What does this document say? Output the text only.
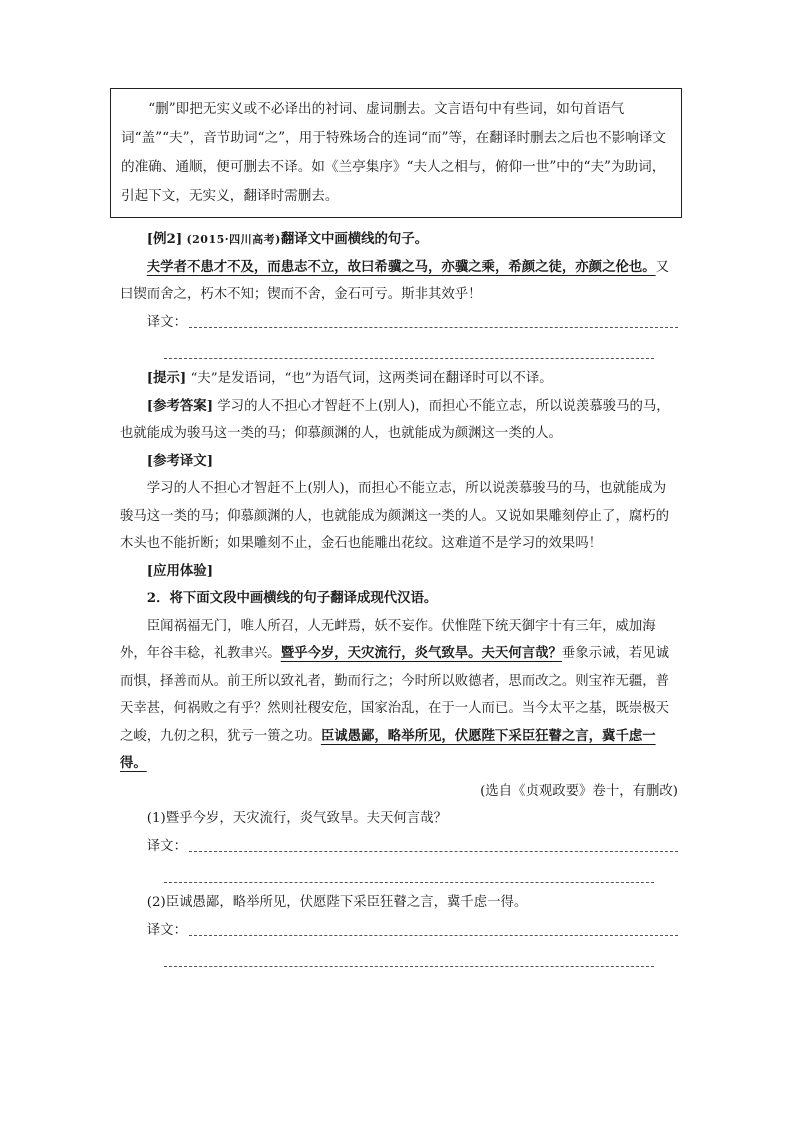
“删”即把无实义或不必译出的衬词、虚词删去。文言语句中有些词，如句首语气词“盖”“夫”，音节助词“之”，用于特殊场合的连词“而”等，在翻译时删去之后也不影响译文的准确、通顺，便可删去不译。如《兰亭集序》“夫人之相与，俯仰一世”中的“夫”为助词，引起下文，无实义，翻译时需删去。

[例2] (2015·四川高考)翻译文中画横线的句子。

夫学者不患才不及，而患志不立，故曰希骥之马，亦骥之乘，希颜之徒，亦颜之伦也。又曰锲而舍之，朽木不知；锲而不舍，金石可亏。斯非其效乎！

译文：

[提示] “夫”是发语词，“也”为语气词，这两类词在翻译时可以不译。

[参考答案] 学习的人不担心才智赶不上(别人)，而担心不能立志，所以说羡慕骏马的马，也就能成为骏马这一类的马；仰慕颜渊的人，也就能成为颜渊这一类的人。

[参考译文]

学习的人不担心才智赶不上(别人)，而担心不能立志，所以说羡慕骏马的马，也就能成为骏马这一类的马；仰慕颜渊的人，也就能成为颜渊这一类的人。又说如果雕刻停止了，腐朽的木头也不能折断；如果雕刻不止，金石也能雕出花纹。这难道不是学习的效果吗！

[应用体验]

2．将下面文段中画横线的句子翻译成现代汉语。

臣闻祸福无门，唯人所召，人无衅焉，妖不妄作。伏惟陛下统天御宇十有三年，威加海外，年谷丰稔，礼教聿兴。暨乎今岁，天灾流行，炎气致旱。夫天何言哉？垂象示诫，若见诚而惧，择善而从。前王所以致礼者，勤而行之；今时所以败德者，思而改之。则宝祚无疆，普天幸甚，何祸败之有乎？然则社稷安危，国家治乱，在于一人而已。当今太平之基，既崇极天之峻，九仞之积，犹亏一篑之功。臣诚愚鄙，略举所见，伏愿陛下采臣狂瞽之言，冀千虑一得。

(选自《贞观政要》卷十，有删改)

(1)暨乎今岁，天灾流行，炎气致旱。夫天何言哉？

译文：

(2)臣诚愚鄙，略举所见，伏愿陛下采臣狂瞽之言，冀千虑一得。

译文：
